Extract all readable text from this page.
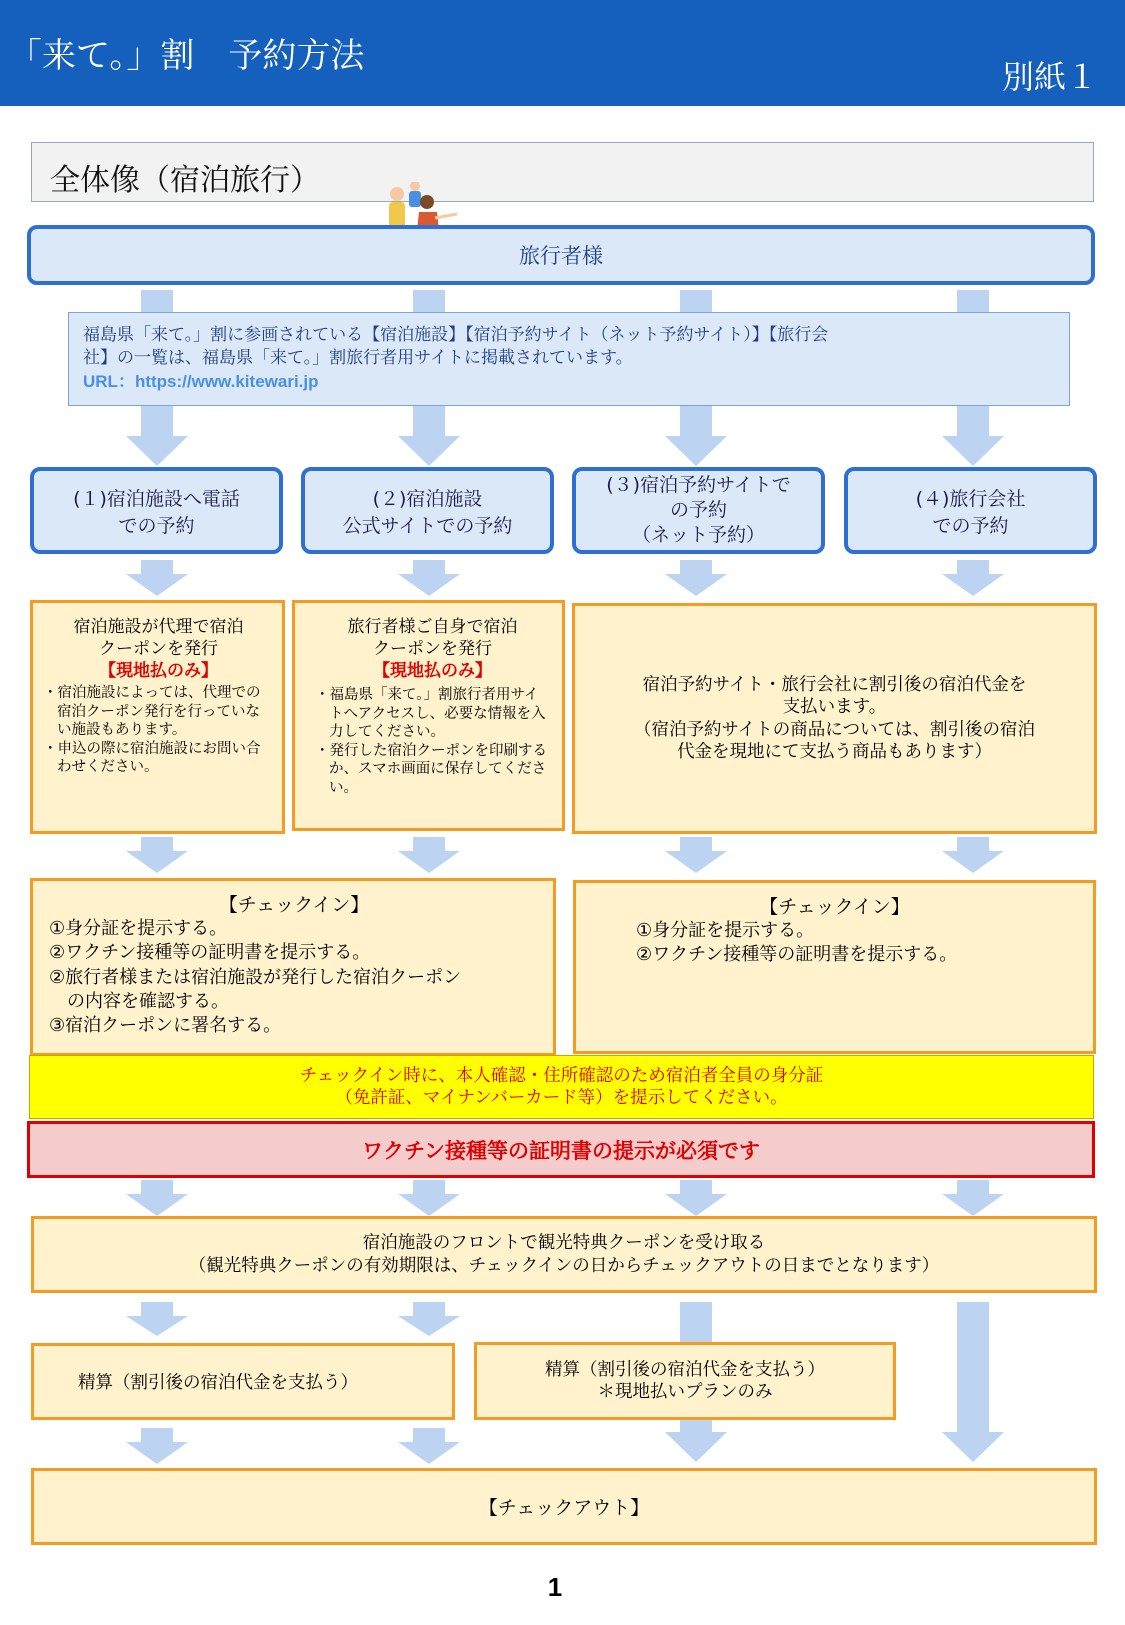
「来て。」割　予約方法
別紙１
全体像（宿泊旅行）
旅行者様
福島県「来て。」割に参画されている【宿泊施設】【宿泊予約サイト（ネット予約サイト）】【旅行会
社】の一覧は、福島県「来て。」割旅行者用サイトに掲載されています。
URL：https://www.kitewari.jp
(１)宿泊施設へ電話
での予約
(２)宿泊施設
公式サイトでの予約
(３)宿泊予約サイトで
の予約
（ネット予約）
(４)旅行会社
での予約
宿泊施設が代理で宿泊
クーポンを発行
【現地払のみ】
・宿泊施設によっては、代理での宿泊クーポン発行を行っていない施設もあります。
・申込の際に宿泊施設にお問い合わせください。
旅行者様ご自身で宿泊
クーポンを発行
【現地払のみ】
・福島県「来て。」割旅行者用サイトへアクセスし、必要な情報を入力してください。
・発行した宿泊クーポンを印刷するか、スマホ画面に保存してください。
宿泊予約サイト・旅行会社に割引後の宿泊代金を
支払います。
（宿泊予約サイトの商品については、割引後の宿泊
代金を現地にて支払う商品もあります）
【チェックイン】
①身分証を提示する。
②ワクチン接種等の証明書を提示する。
②旅行者様または宿泊施設が発行した宿泊クーポン
　の内容を確認する。
③宿泊クーポンに署名する。
【チェックイン】
①身分証を提示する。
②ワクチン接種等の証明書を提示する。
チェックイン時に、本人確認・住所確認のため宿泊者全員の身分証
（免許証、マイナンバーカード等）を提示してください。
ワクチン接種等の証明書の提示が必須です
宿泊施設のフロントで観光特典クーポンを受け取る
（観光特典クーポンの有効期限は、チェックインの日からチェックアウトの日までとなります）
精算（割引後の宿泊代金を支払う）
精算（割引後の宿泊代金を支払う）
＊現地払いプランのみ
【チェックアウト】
1
